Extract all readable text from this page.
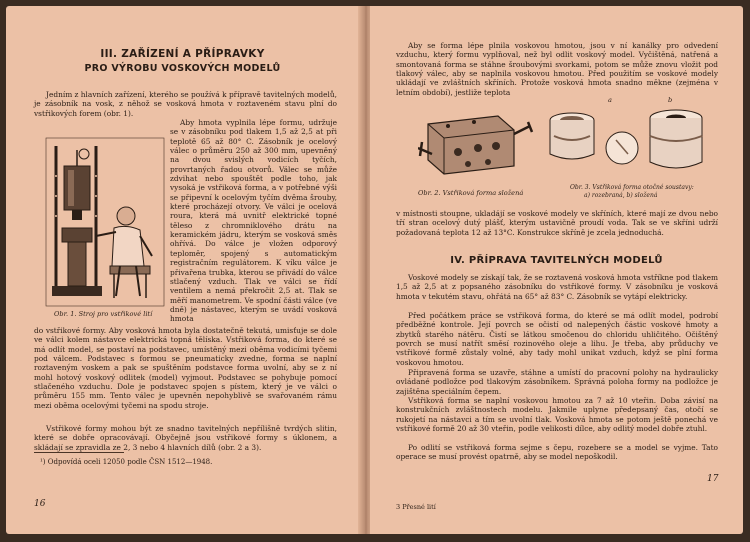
III. ZAŘÍZENÍ A PŘÍPRAVKY
PRO VÝROBU VOSKOVÝCH MODELŮ
Jedním z hlavních zařízení, kterého se používá k přípravě tavitelných modelů, je zásobník na vosk, z něhož se vosková hmota v roztaveném stavu plní do vstřikových forem (obr. 1).
Obr. 1. Stroj pro vstřikové lití
Aby hmota vyplnila lépe formu, udržuje se v zásobníku pod tlakem 1,5 až 2,5 at při teplotě 65 až 80° C. Zásobník je ocelový válec o průměru 250 až 300 mm, upevněný na dvou svislých vodicích tyčích, provrtaných řadou otvorů. Válec se může zdvihat nebo spouštět podle toho, jak vysoká je vstřiková forma, a v potřebné výši se připevní k ocelovým tyčím dvěma šrouby, které procházejí otvory. Ve válci je ocelová roura, která má uvnitř elektrické topné těleso z chromniklového drátu na keramickém jádru, kterým se vosková směs ohřívá. Do válce je vložen odporový teploměr, spojený s automatickým registračním regulátorem. K víku válce je přivařena trubka, kterou se přivádí do válce stlačený vzduch. Tlak ve válci se řídí ventilem a nemá překročit 2,5 at. Tlak se měří manometrem. Ve spodní části válce (ve dně) je nástavec, kterým se uvádí vosková hmota
do vstřikové formy. Aby vosková hmota byla dostatečně tekutá, umisťuje se dole ve válci kolem nástavce elektrická topná tělíska. Vstřiková forma, do které se má odlít model, se postaví na podstavec, umístěný mezi oběma vodicími tyčemi pod válcem. Podstavec s formou se pneumaticky zvedne, forma se naplní roztaveným voskem a pak se spuštěním podstavce forma uvolní, aby se z ní mohl hotový voskový odlitek (model) vyjmout. Podstavec se pohybuje pomocí stlačeného vzduchu. Dole je podstavec spojen s pístem, který je ve válci o průměru 155 mm. Tento válec je upevněn nepohyblivě se svařovaném rámu mezi oběma ocelovými tyčemi na spodu stroje.
Vstřikové formy mohou být ze snadno tavitelných nepřílišně tvrdých slitin, které se dobře opracovávají. Obyčejně jsou vstřikové formy s úklonem, a skládají se zpravidla ze 2, 3 nebo 4 hlavních dílů (obr. 2 a 3).
¹) Odpovídá oceli 12050 podle ČSN 1512—1948.
16
Aby se forma lépe plnila voskovou hmotou, jsou v ní kanálky pro odvedení vzduchu, který formu vyplňoval, než byl odlit voskový model. Vyčištěná, natřená a smontovaná forma se stáhne šroubovými svorkami, potom se může znovu vložit pod tlakový válec, aby se naplnila voskovou hmotou. Před použitím se voskové modely ukládají ve zvláštních skříních. Protože vosková hmota snadno měkne (zejména v letním období), jestliže teplota
Obr. 2. Vstřiková forma složená
a	b
Obr. 3. Vstřiková forma otočné soustavy:
a) rozebraná, b) složená
v místnosti stoupne, ukladájí se voskové modely ve skříních, které mají ze dvou nebo tří stran ocelový dutý plášť, kterým ustavičně proudí voda. Tak se ve skříni udrží požadovaná teplota 12 až 13°C. Konstrukce skříně je zcela jednoduchá.
IV. PŘÍPRAVA TAVITELNÝCH MODELŮ
Voskové modely se získají tak, že se roztavená vosková hmota vstříkne pod tlakem 1,5 až 2,5 at z popsaného zásobníku do vstřikové formy. V zásobníku je vosková hmota v tekutém stavu, ohřátá na 65° až 83° C. Zásobník se vytápí elektricky.
Před počátkem práce se vstřiková forma, do které se má odlít model, podrobí předběžné kontrole. Její povrch se očistí od nalepených částic voskové hmoty a zbytků starého nátěru. Čistí se látkou smočenou do chloridu uhličitého. Očištěný povrch se musí natřít směsí rozinového oleje a lihu. Je třeba, aby průduchy ve vstřikové formě zůstaly volné, aby tady mohl unikat vzduch, když se plní forma voskovou hmotou.
Připravená forma se uzavře, stáhne a umístí do pracovní polohy na hydraulicky ovládané podložce pod tlakovým zásobníkem. Správná poloha formy na podložce je zajištěna speciálním čepem.
Vstřiková forma se naplní voskovou hmotou za 7 až 10 vteřin. Doba závisí na konstrukčních zvláštnostech modelu. Jakmile uplyne předepsaný čas, otočí se rukojetí na nástavci a tím se uvolní tlak. Vosková hmota se potom ještě ponechá ve vstřikové formě 20 až 30 vteřin, podle velikosti dílce, aby odlitý model dobře ztuhl.
Po odlití se vstřiková forma sejme s čepu, rozebere se a model se vyjme. Tato operace se musí provést opatrně, aby se model nepoškodil.
3 Přesné lití
17
